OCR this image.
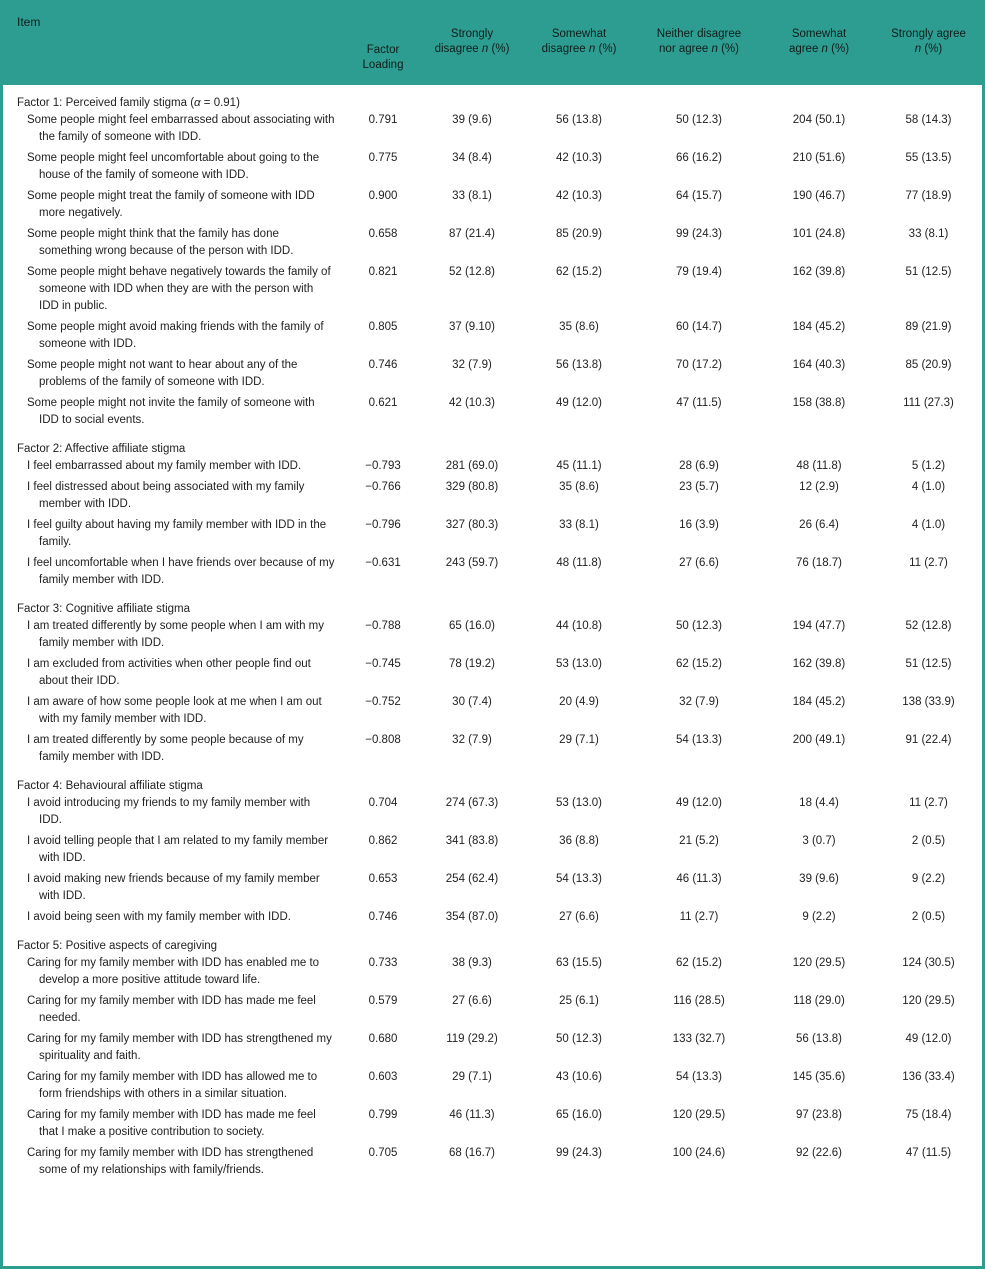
Item
Factor Loading
Strongly disagree n (%)
Somewhat disagree n (%)
Neither disagree nor agree n (%)
Somewhat agree n (%)
Strongly agree n (%)
Factor 1: Perceived family stigma (α = 0.91)
Some people might feel embarrassed about associating with the family of someone with IDD.
0.791	39 (9.6)	56 (13.8)	50 (12.3)	204 (50.1)	58 (14.3)
Some people might feel uncomfortable about going to the house of the family of someone with IDD.
0.775	34 (8.4)	42 (10.3)	66 (16.2)	210 (51.6)	55 (13.5)
Some people might treat the family of someone with IDD more negatively.
0.900	33 (8.1)	42 (10.3)	64 (15.7)	190 (46.7)	77 (18.9)
Some people might think that the family has done something wrong because of the person with IDD.
0.658	87 (21.4)	85 (20.9)	99 (24.3)	101 (24.8)	33 (8.1)
Some people might behave negatively towards the family of someone with IDD when they are with the person with IDD in public.
0.821	52 (12.8)	62 (15.2)	79 (19.4)	162 (39.8)	51 (12.5)
Some people might avoid making friends with the family of someone with IDD.
0.805	37 (9.10)	35 (8.6)	60 (14.7)	184 (45.2)	89 (21.9)
Some people might not want to hear about any of the problems of the family of someone with IDD.
0.746	32 (7.9)	56 (13.8)	70 (17.2)	164 (40.3)	85 (20.9)
Some people might not invite the family of someone with IDD to social events.
0.621	42 (10.3)	49 (12.0)	47 (11.5)	158 (38.8)	111 (27.3)
Factor 2: Affective affiliate stigma
I feel embarrassed about my family member with IDD.	−0.793	281 (69.0)	45 (11.1)	28 (6.9)	48 (11.8)	5 (1.2)
I feel distressed about being associated with my family member with IDD.
−0.766	329 (80.8)	35 (8.6)	23 (5.7)	12 (2.9)	4 (1.0)
I feel guilty about having my family member with IDD in the family.
−0.796	327 (80.3)	33 (8.1)	16 (3.9)	26 (6.4)	4 (1.0)
I feel uncomfortable when I have friends over because of my family member with IDD.
−0.631	243 (59.7)	48 (11.8)	27 (6.6)	76 (18.7)	11 (2.7)
Factor 3: Cognitive affiliate stigma
I am treated differently by some people when I am with my family member with IDD.
−0.788	65 (16.0)	44 (10.8)	50 (12.3)	194 (47.7)	52 (12.8)
I am excluded from activities when other people find out about their IDD.
−0.745	78 (19.2)	53 (13.0)	62 (15.2)	162 (39.8)	51 (12.5)
I am aware of how some people look at me when I am out with my family member with IDD.
−0.752	30 (7.4)	20 (4.9)	32 (7.9)	184 (45.2)	138 (33.9)
I am treated differently by some people because of my family member with IDD.
−0.808	32 (7.9)	29 (7.1)	54 (13.3)	200 (49.1)	91 (22.4)
Factor 4: Behavioural affiliate stigma
I avoid introducing my friends to my family member with IDD.
0.704	274 (67.3)	53 (13.0)	49 (12.0)	18 (4.4)	11 (2.7)
I avoid telling people that I am related to my family member with IDD.
0.862	341 (83.8)	36 (8.8)	21 (5.2)	3 (0.7)	2 (0.5)
I avoid making new friends because of my family member with IDD.
0.653	254 (62.4)	54 (13.3)	46 (11.3)	39 (9.6)	9 (2.2)
I avoid being seen with my family member with IDD.	0.746	354 (87.0)	27 (6.6)	11 (2.7)	9 (2.2)	2 (0.5)
Factor 5: Positive aspects of caregiving
Caring for my family member with IDD has enabled me to develop a more positive attitude toward life.
0.733	38 (9.3)	63 (15.5)	62 (15.2)	120 (29.5)	124 (30.5)
Caring for my family member with IDD has made me feel needed.
0.579	27 (6.6)	25 (6.1)	116 (28.5)	118 (29.0)	120 (29.5)
Caring for my family member with IDD has strengthened my spirituality and faith.
0.680	119 (29.2)	50 (12.3)	133 (32.7)	56 (13.8)	49 (12.0)
Caring for my family member with IDD has allowed me to form friendships with others in a similar situation.
0.603	29 (7.1)	43 (10.6)	54 (13.3)	145 (35.6)	136 (33.4)
Caring for my family member with IDD has made me feel that I make a positive contribution to society.
0.799	46 (11.3)	65 (16.0)	120 (29.5)	97 (23.8)	75 (18.4)
Caring for my family member with IDD has strengthened some of my relationships with family/friends.
0.705	68 (16.7)	99 (24.3)	100 (24.6)	92 (22.6)	47 (11.5)
